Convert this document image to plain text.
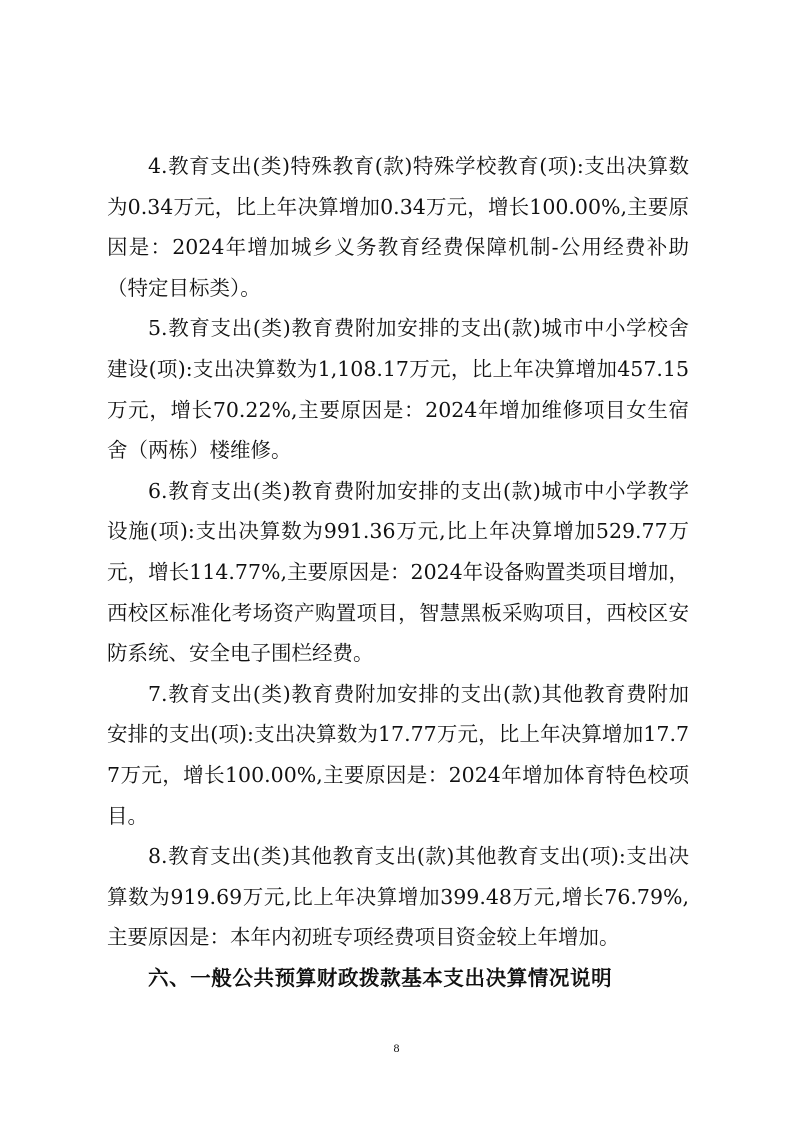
4.教育支出(类)特殊教育(款)特殊学校教育(项):支出决算数为0.34万元，比上年决算增加0.34万元，增长100.00%,主要原因是：2024年增加城乡义务教育经费保障机制-公用经费补助（特定目标类）。

5.教育支出(类)教育费附加安排的支出(款)城市中小学校舍建设(项):支出决算数为1,108.17万元，比上年决算增加457.15万元，增长70.22%,主要原因是：2024年增加维修项目女生宿舍（两栋）楼维修。

6.教育支出(类)教育费附加安排的支出(款)城市中小学教学设施(项):支出决算数为991.36万元,比上年决算增加529.77万元，增长114.77%,主要原因是：2024年设备购置类项目增加，西校区标准化考场资产购置项目，智慧黑板采购项目，西校区安防系统、安全电子围栏经费。

7.教育支出(类)教育费附加安排的支出(款)其他教育费附加安排的支出(项):支出决算数为17.77万元，比上年决算增加17.77万元，增长100.00%,主要原因是：2024年增加体育特色校项目。

8.教育支出(类)其他教育支出(款)其他教育支出(项):支出决算数为919.69万元,比上年决算增加399.48万元,增长76.79%,主要原因是：本年内初班专项经费项目资金较上年增加。

六、一般公共预算财政拨款基本支出决算情况说明

8
